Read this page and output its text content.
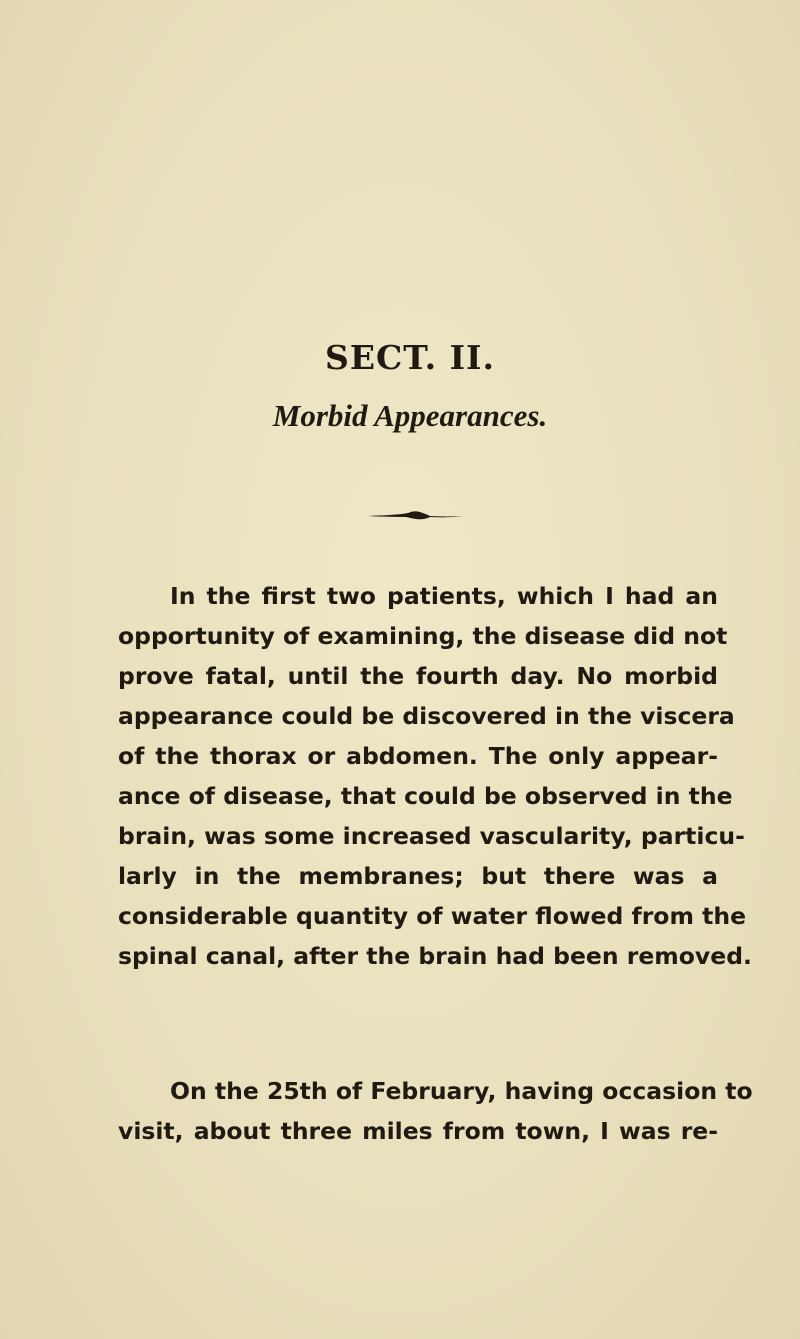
SECT. II.
Morbid Appearances.
In the first two patients, which I had an
opportunity of examining, the disease did not
prove fatal, until the fourth day. No morbid
appearance could be discovered in the viscera
of the thorax or abdomen. The only appear-
ance of disease, that could be observed in the
brain, was some increased vascularity, particu-
larly in the membranes; but there was a
considerable quantity of water flowed from the
spinal canal, after the brain had been removed.
On the 25th of February, having occasion to
visit, about three miles from town, I was re-
